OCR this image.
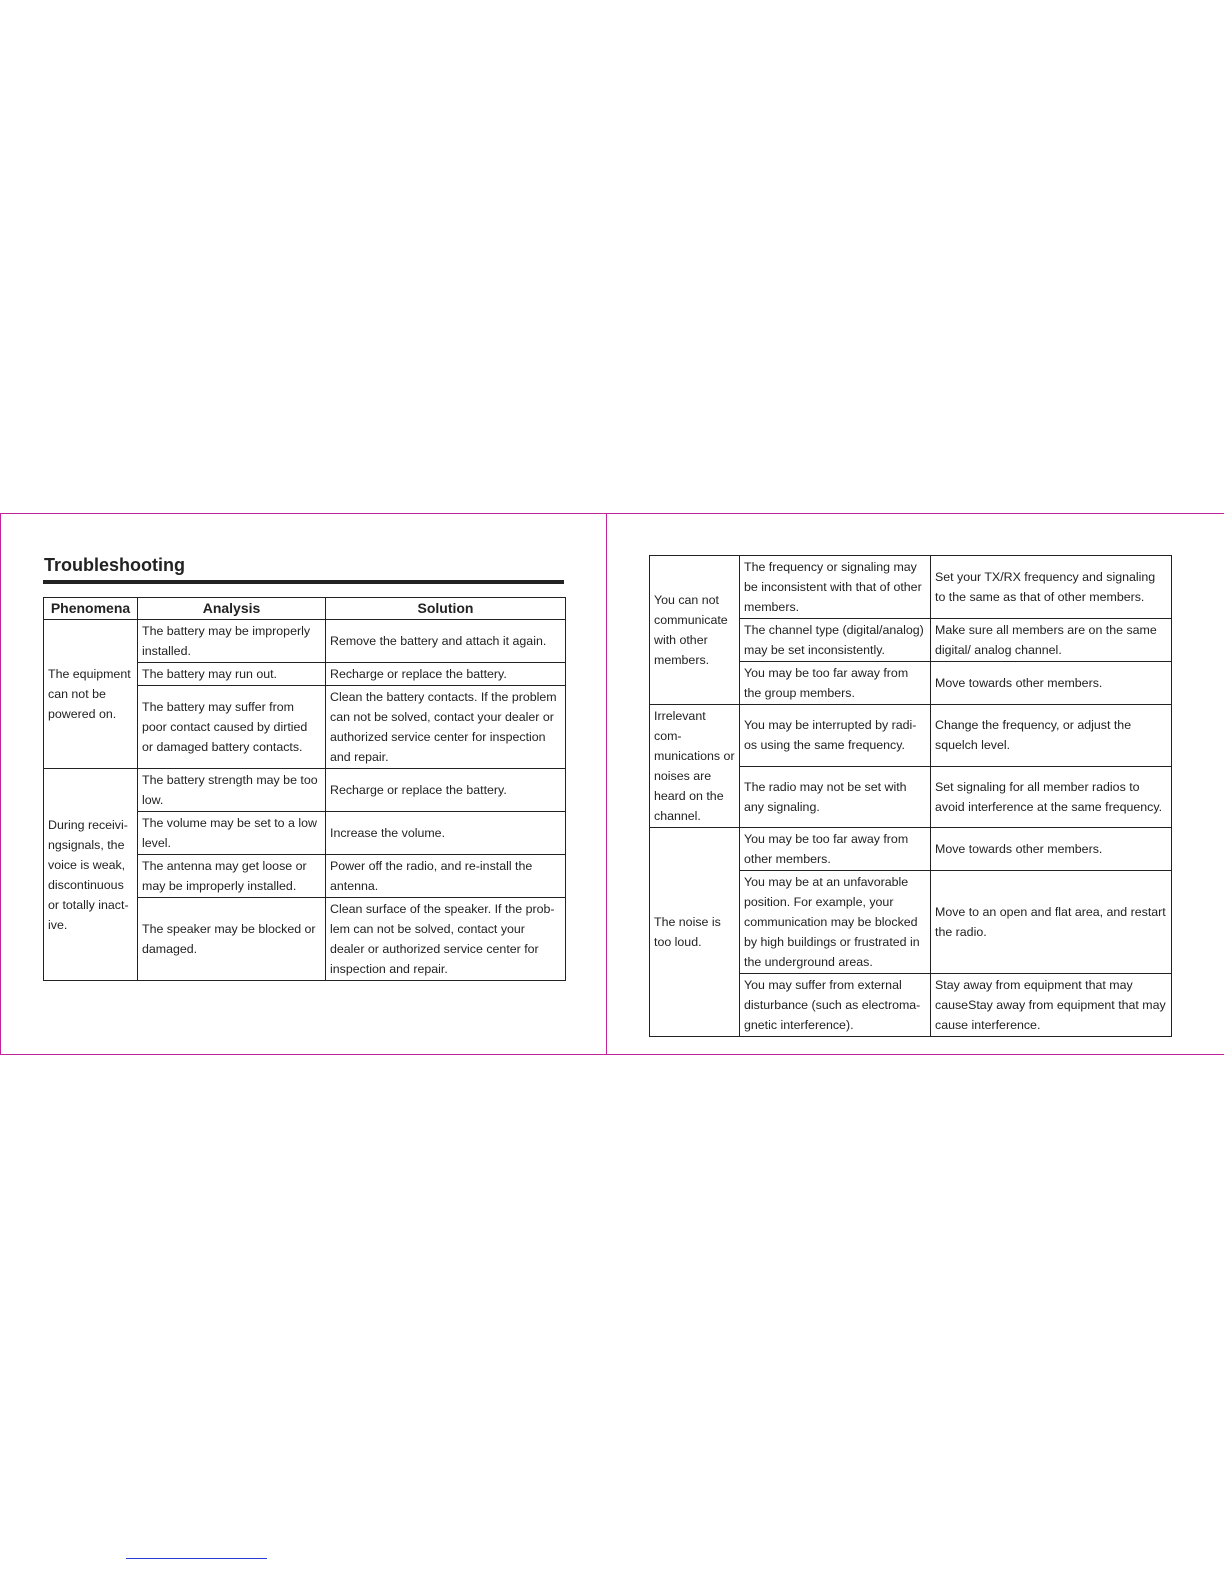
Troubleshooting
Phenomena	Analysis	Solution
The equipment can not be powered on.	The battery may be improperly installed.	Remove the battery and attach it again.
	The battery may run out.	Recharge or replace the battery.
	The battery may suffer from poor contact caused by dirtied or damaged battery contacts.	Clean the battery contacts. If the problem can not be solved, contact your dealer or authorized service center for inspection and repair.
During receivi- ngsignals, the voice is weak, discontinuous or totally inact- ive.	The battery strength may be too low.	Recharge or replace the battery.
	The volume may be set to a low level.	Increase the volume.
	The antenna may get loose or may be improperly installed.	Power off the radio, and re-install the antenna.
	The speaker may be blocked or damaged.	Clean surface of the speaker. If the prob- lem can not be solved, contact your dealer or authorized service center for inspection and repair.
You can not communicate with other members.	The frequency or signaling may be inconsistent with that of other members.	Set your TX/RX frequency and signaling to the same as that of other members.
	The channel type (digital/analog) may be set inconsistently.	Make sure all members are on the same digital/ analog channel.
	You may be too far away from the group members.	Move towards other members.
Irrelevant com- munications or noises are heard on the channel.	You may be interrupted by radi- os using the same frequency.	Change the frequency, or adjust the squelch level.
	The radio may not be set with any signaling.	Set signaling for all member radios to avoid interference at the same frequency.
The noise is too loud.	You may be too far away from other members.	Move towards other members.
	You may be at an unfavorable position. For example, your communication may be blocked by high buildings or frustrated in the underground areas.	Move to an open and flat area, and restart the radio.
	You may suffer from external disturbance (such as electroma- gnetic interference).	Stay away from equipment that may causeStay away from equipment that may cause interference.
